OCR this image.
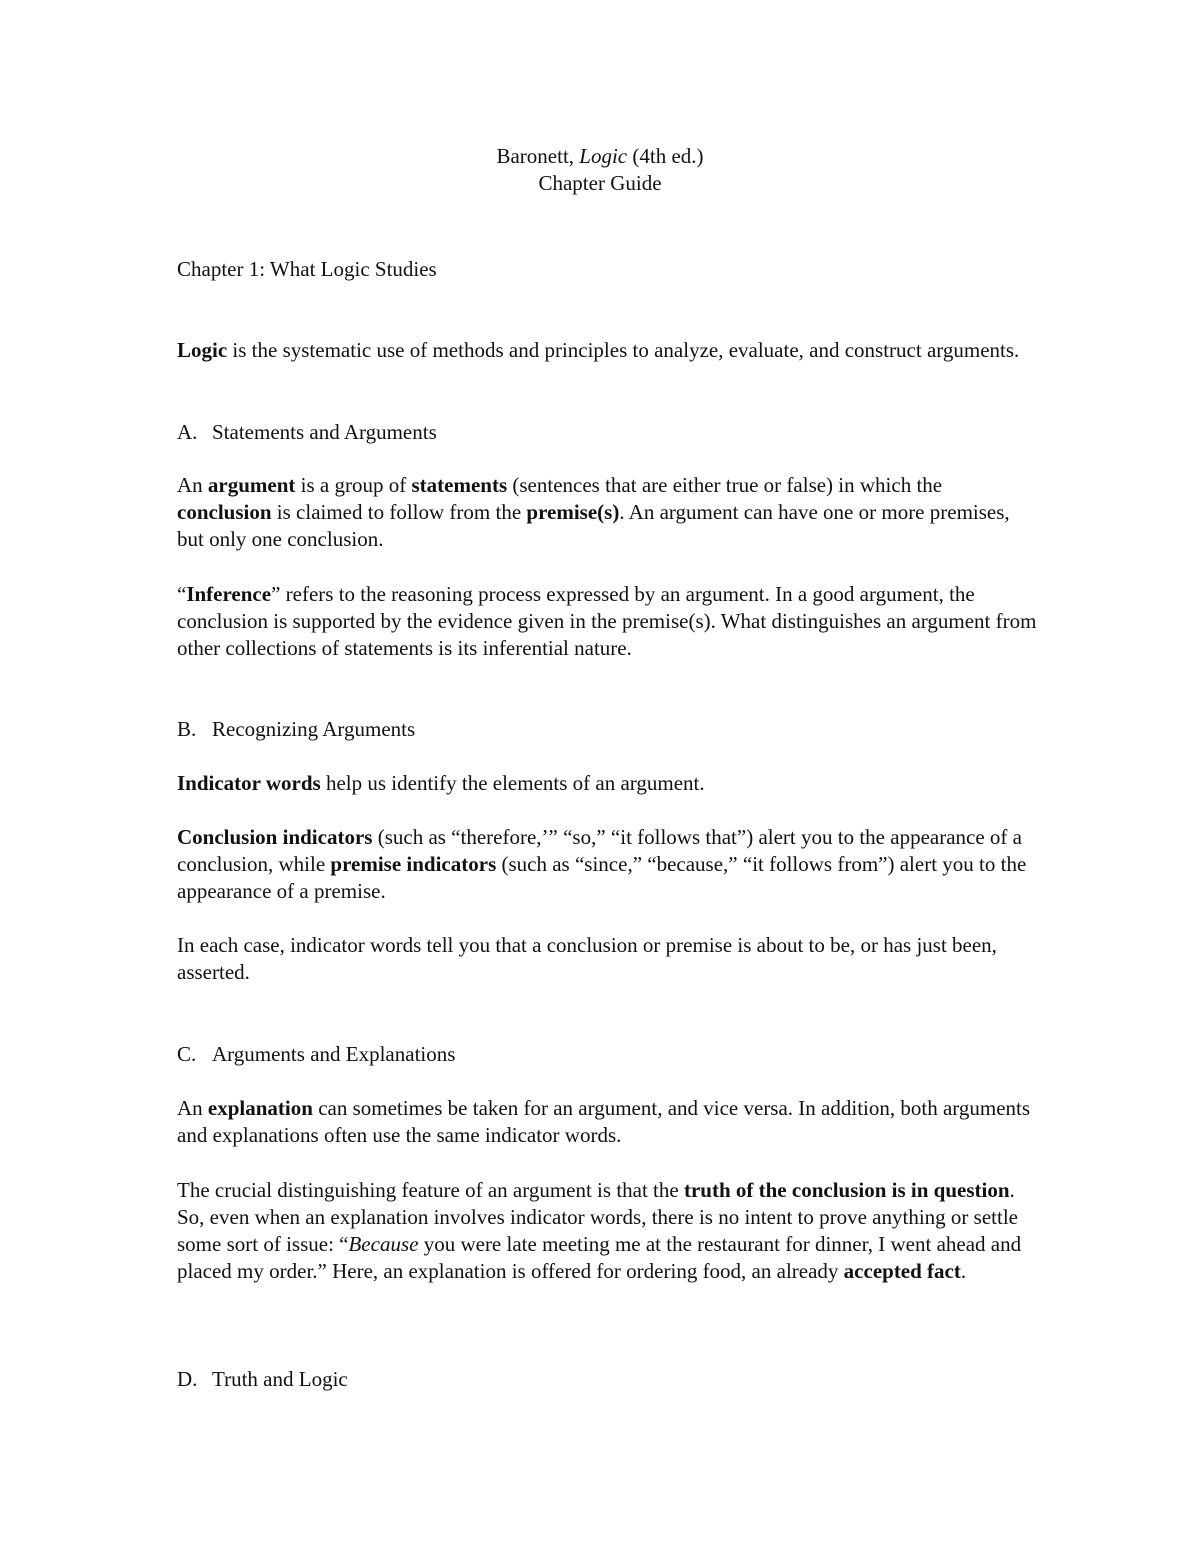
Baronett, Logic (4th ed.)

Chapter Guide

Chapter 1: What Logic Studies

Logic is the systematic use of methods and principles to analyze, evaluate, and construct arguments.

A. Statements and Arguments

An argument is a group of statements (sentences that are either true or false) in which the conclusion is claimed to follow from the premise(s). An argument can have one or more premises, but only one conclusion.

“Inference” refers to the reasoning process expressed by an argument. In a good argument, the conclusion is supported by the evidence given in the premise(s). What distinguishes an argument from other collections of statements is its inferential nature.

B. Recognizing Arguments

Indicator words help us identify the elements of an argument.

Conclusion indicators (such as “therefore,’” “so,” “it follows that”) alert you to the appearance of a conclusion, while premise indicators (such as “since,” “because,” “it follows from”) alert you to the appearance of a premise.

In each case, indicator words tell you that a conclusion or premise is about to be, or has just been, asserted.

C. Arguments and Explanations

An explanation can sometimes be taken for an argument, and vice versa. In addition, both arguments and explanations often use the same indicator words.

The crucial distinguishing feature of an argument is that the truth of the conclusion is in question. So, even when an explanation involves indicator words, there is no intent to prove anything or settle some sort of issue: “Because you were late meeting me at the restaurant for dinner, I went ahead and placed my order.” Here, an explanation is offered for ordering food, an already accepted fact.

D. Truth and Logic
